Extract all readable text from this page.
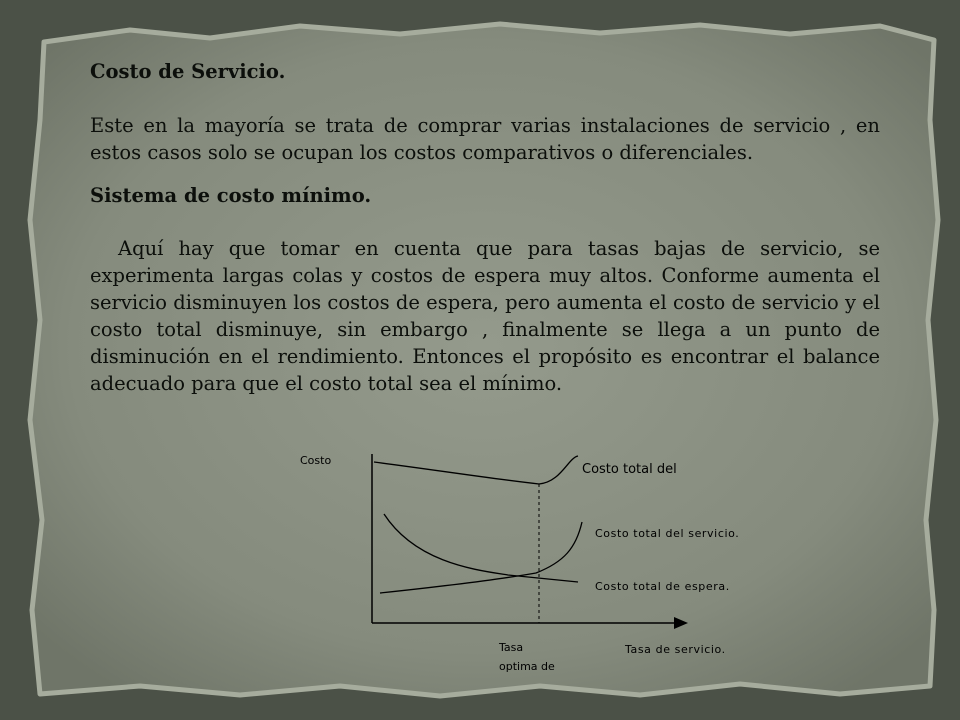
Costo de Servicio.

Este en la mayoría se trata de comprar varias instalaciones de servicio , en estos casos solo se ocupan los costos comparativos o diferenciales.

Sistema de costo mínimo.

Aquí hay que tomar en cuenta que para tasas bajas de servicio, se experimenta largas colas y costos de espera muy altos. Conforme aumenta el servicio disminuyen los costos de espera, pero aumenta el costo de servicio y el costo total disminuye, sin embargo , finalmente se llega a un punto de disminución en el rendimiento. Entonces el propósito es encontrar el balance adecuado para que el costo total sea el mínimo.

Costo
Costo total del
Costo total del servicio.
Costo total de espera.
Tasa
optima de
Tasa de servicio.
